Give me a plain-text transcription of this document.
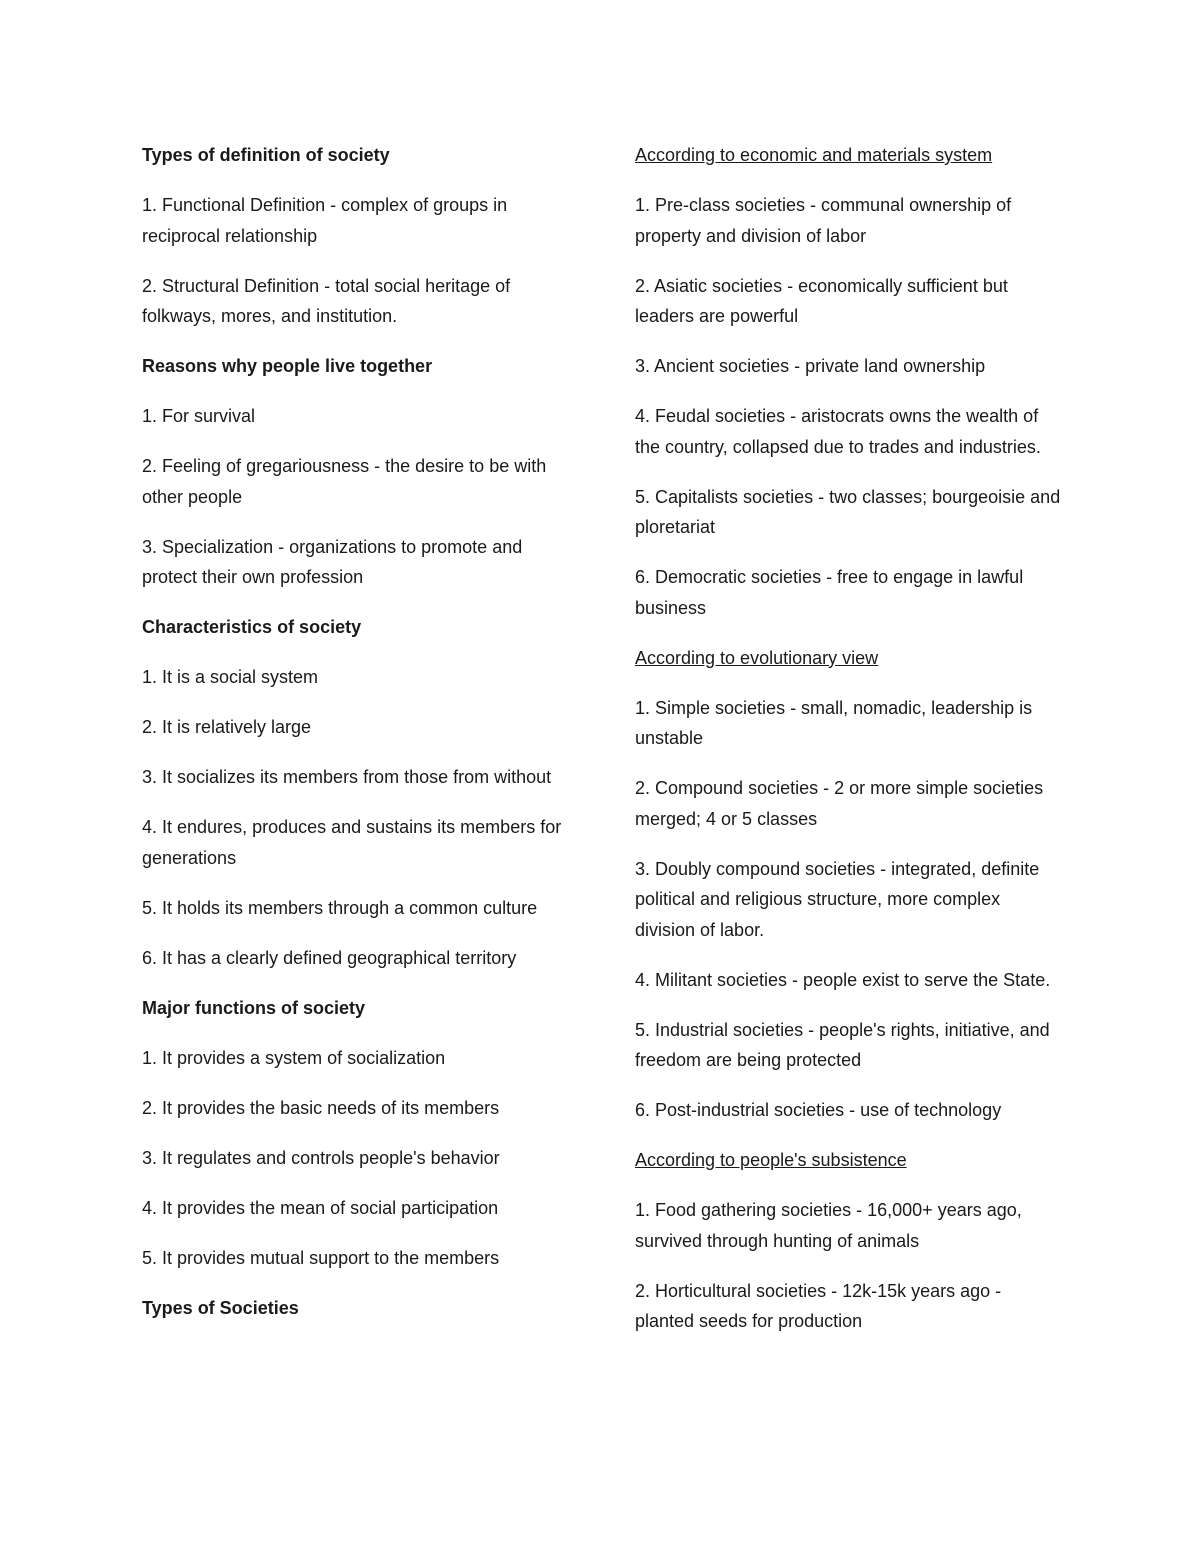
Types of definition of society

1. Functional Definition - complex of groups in reciprocal relationship

2. Structural Definition - total social heritage of folkways, mores, and institution.

Reasons why people live together

1. For survival

2. Feeling of gregariousness - the desire to be with other people

3. Specialization - organizations to promote and protect their own profession

Characteristics of society

1. It is a social system

2. It is relatively large

3. It socializes its members from those from without

4. It endures, produces and sustains its members for generations

5. It holds its members through a common culture

6. It has a clearly defined geographical territory

Major functions of society

1. It provides a system of socialization

2. It provides the basic needs of its members

3. It regulates and controls people's behavior

4. It provides the mean of social participation

5. It provides mutual support to the members

Types of Societies

According to economic and materials system

1. Pre-class societies - communal ownership of property and division of labor

2. Asiatic societies - economically sufficient but leaders are powerful

3. Ancient societies - private land ownership

4. Feudal societies - aristocrats owns the wealth of the country, collapsed due to trades and industries.

5. Capitalists societies - two classes; bourgeoisie and ploretariat

6. Democratic societies - free to engage in lawful business

According to evolutionary view

1. Simple societies - small, nomadic, leadership is unstable

2. Compound societies - 2 or more simple societies merged; 4 or 5 classes

3. Doubly compound societies - integrated, definite political and religious structure, more complex division of labor.

4. Militant societies - people exist to serve the State.

5. Industrial societies - people's rights, initiative, and freedom are being protected

6. Post-industrial societies - use of technology

According to people's subsistence

1. Food gathering societies - 16,000+ years ago, survived through hunting of animals

2. Horticultural societies - 12k-15k years ago - planted seeds for production
